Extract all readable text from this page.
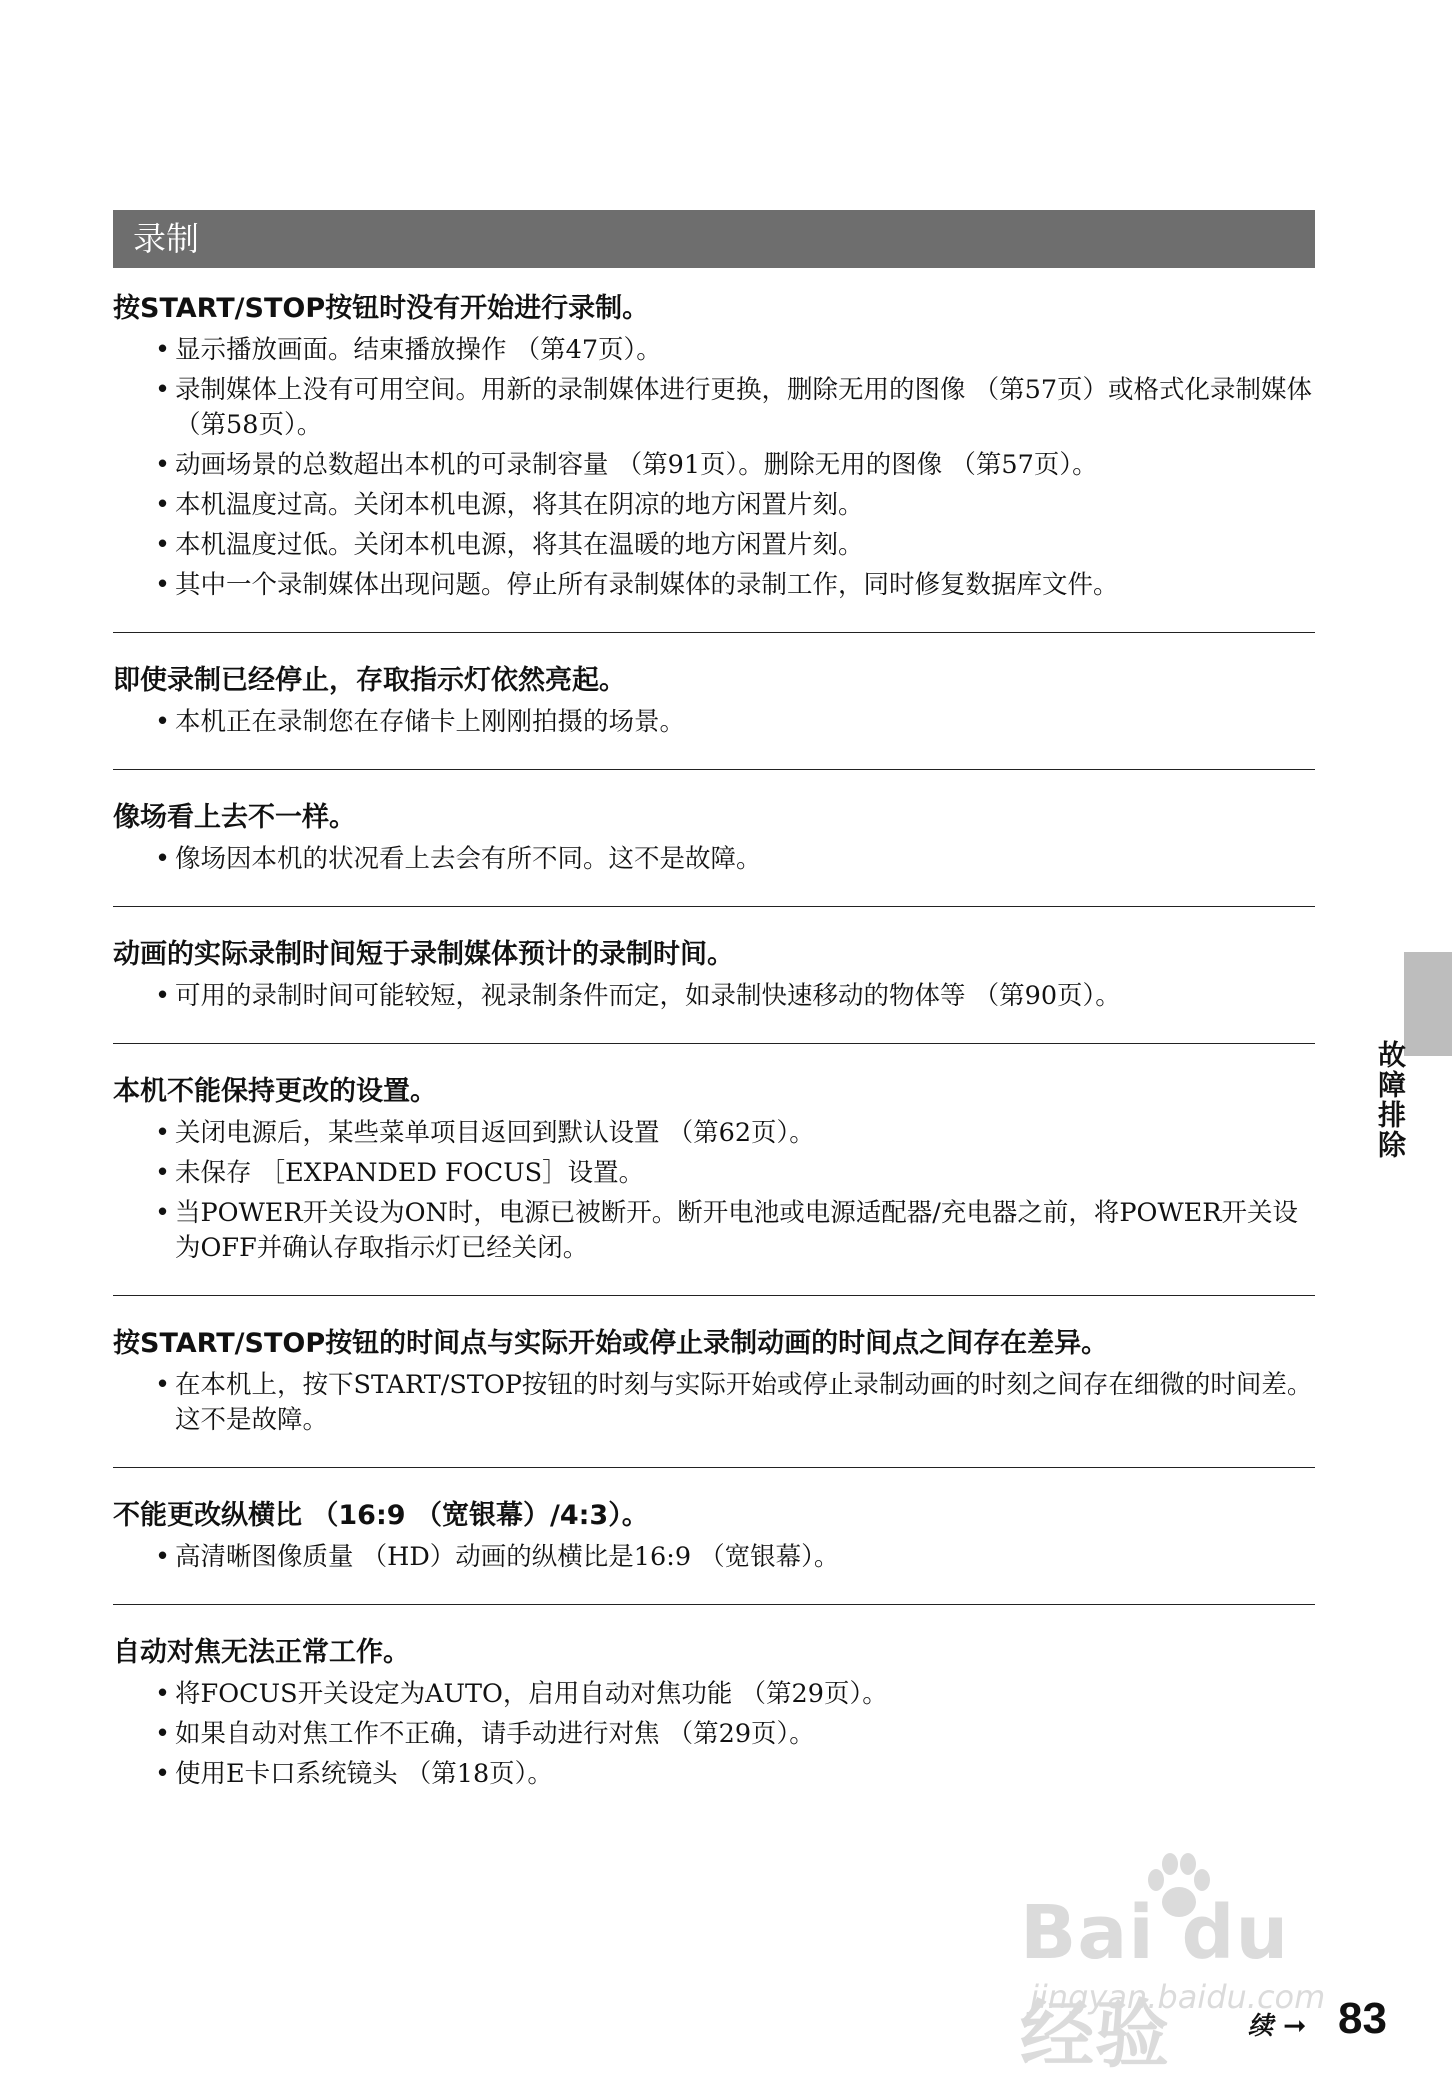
录制
按START/STOP按钮时没有开始进行录制。
• 显示播放画面。结束播放操作 （第47页）。
• 录制媒体上没有可用空间。用新的录制媒体进行更换，删除无用的图像 （第57页）或格式化录制媒体 （第58页）。
• 动画场景的总数超出本机的可录制容量 （第91页）。删除无用的图像 （第57页）。
• 本机温度过高。关闭本机电源，将其在阴凉的地方闲置片刻。
• 本机温度过低。关闭本机电源，将其在温暖的地方闲置片刻。
• 其中一个录制媒体出现问题。停止所有录制媒体的录制工作，同时修复数据库文件。
即使录制已经停止，存取指示灯依然亮起。
• 本机正在录制您在存储卡上刚刚拍摄的场景。
像场看上去不一样。
• 像场因本机的状况看上去会有所不同。这不是故障。
动画的实际录制时间短于录制媒体预计的录制时间。
• 可用的录制时间可能较短，视录制条件而定，如录制快速移动的物体等 （第90页）。
本机不能保持更改的设置。
• 关闭电源后，某些菜单项目返回到默认设置 （第62页）。
• 未保存 ［EXPANDED FOCUS］设置。
• 当POWER开关设为ON时，电源已被断开。断开电池或电源适配器/充电器之前，将POWER开关设为OFF并确认存取指示灯已经关闭。
按START/STOP按钮的时间点与实际开始或停止录制动画的时间点之间存在差异。
• 在本机上，按下START/STOP按钮的时刻与实际开始或停止录制动画的时刻之间存在细微的时间差。这不是故障。
不能更改纵横比 （16:9 （宽银幕）/4:3）。
• 高清晰图像质量 （HD）动画的纵横比是16:9 （宽银幕）。
自动对焦无法正常工作。
• 将FOCUS开关设定为AUTO，启用自动对焦功能 （第29页）。
• 如果自动对焦工作不正确，请手动进行对焦 （第29页）。
• 使用E卡口系统镜头 （第18页）。
故障排除
Bai du 经验
jingyan.baidu.com
续 ➞ 83
